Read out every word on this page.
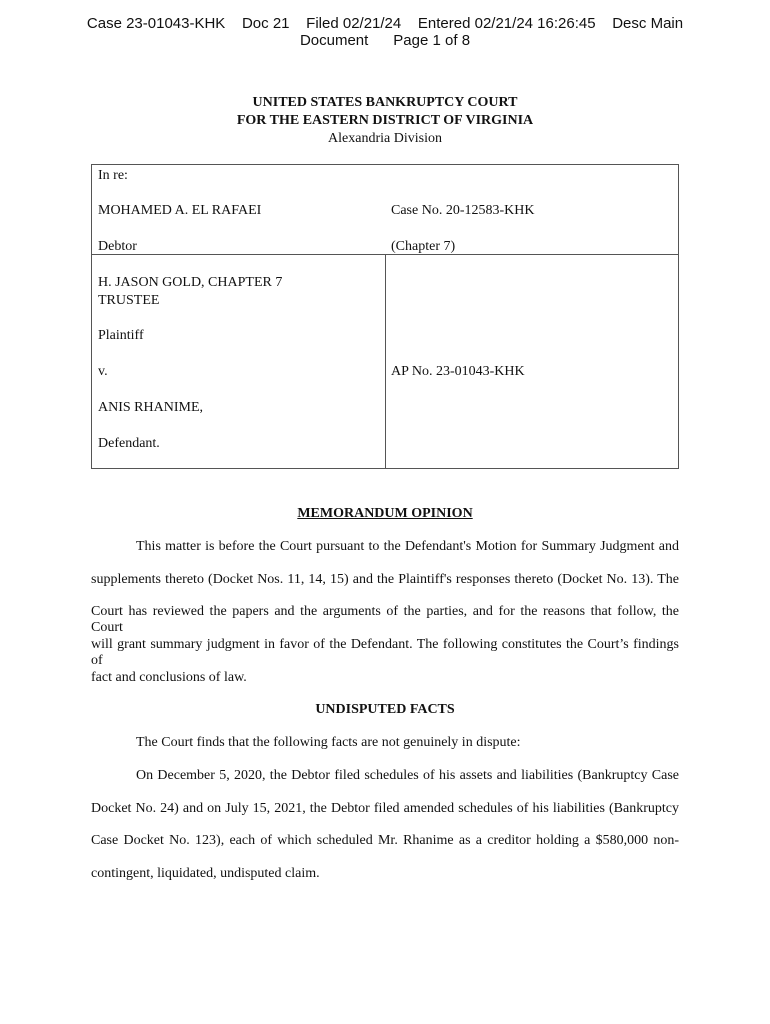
Case 23-01043-KHK    Doc 21    Filed 02/21/24    Entered 02/21/24 16:26:45    Desc Main
Document      Page 1 of 8
UNITED STATES BANKRUPTCY COURT
FOR THE EASTERN DISTRICT OF VIRGINIA
Alexandria Division
In re:
MOHAMED A. EL RAFAEI	Case No. 20-12583-KHK
Debtor	(Chapter 7)
H. JASON GOLD, CHAPTER 7
TRUSTEE
Plaintiff
v.	AP No. 23-01043-KHK
ANIS RHANIME,
Defendant.
MEMORANDUM OPINION
This matter is before the Court pursuant to the Defendant's Motion for Summary Judgment and
supplements thereto (Docket Nos. 11, 14, 15) and the Plaintiff's responses thereto (Docket No. 13). The
Court has reviewed the papers and the arguments of the parties, and for the reasons that follow, the Court
will grant summary judgment in favor of the Defendant. The following constitutes the Court’s findings of
fact and conclusions of law.
UNDISPUTED FACTS
The Court finds that the following facts are not genuinely in dispute:
On December 5, 2020, the Debtor filed schedules of his assets and liabilities (Bankruptcy Case
Docket No. 24) and on July 15, 2021, the Debtor filed amended schedules of his liabilities (Bankruptcy
Case Docket No. 123), each of which scheduled Mr. Rhanime as a creditor holding a $580,000 non-
contingent, liquidated, undisputed claim.
